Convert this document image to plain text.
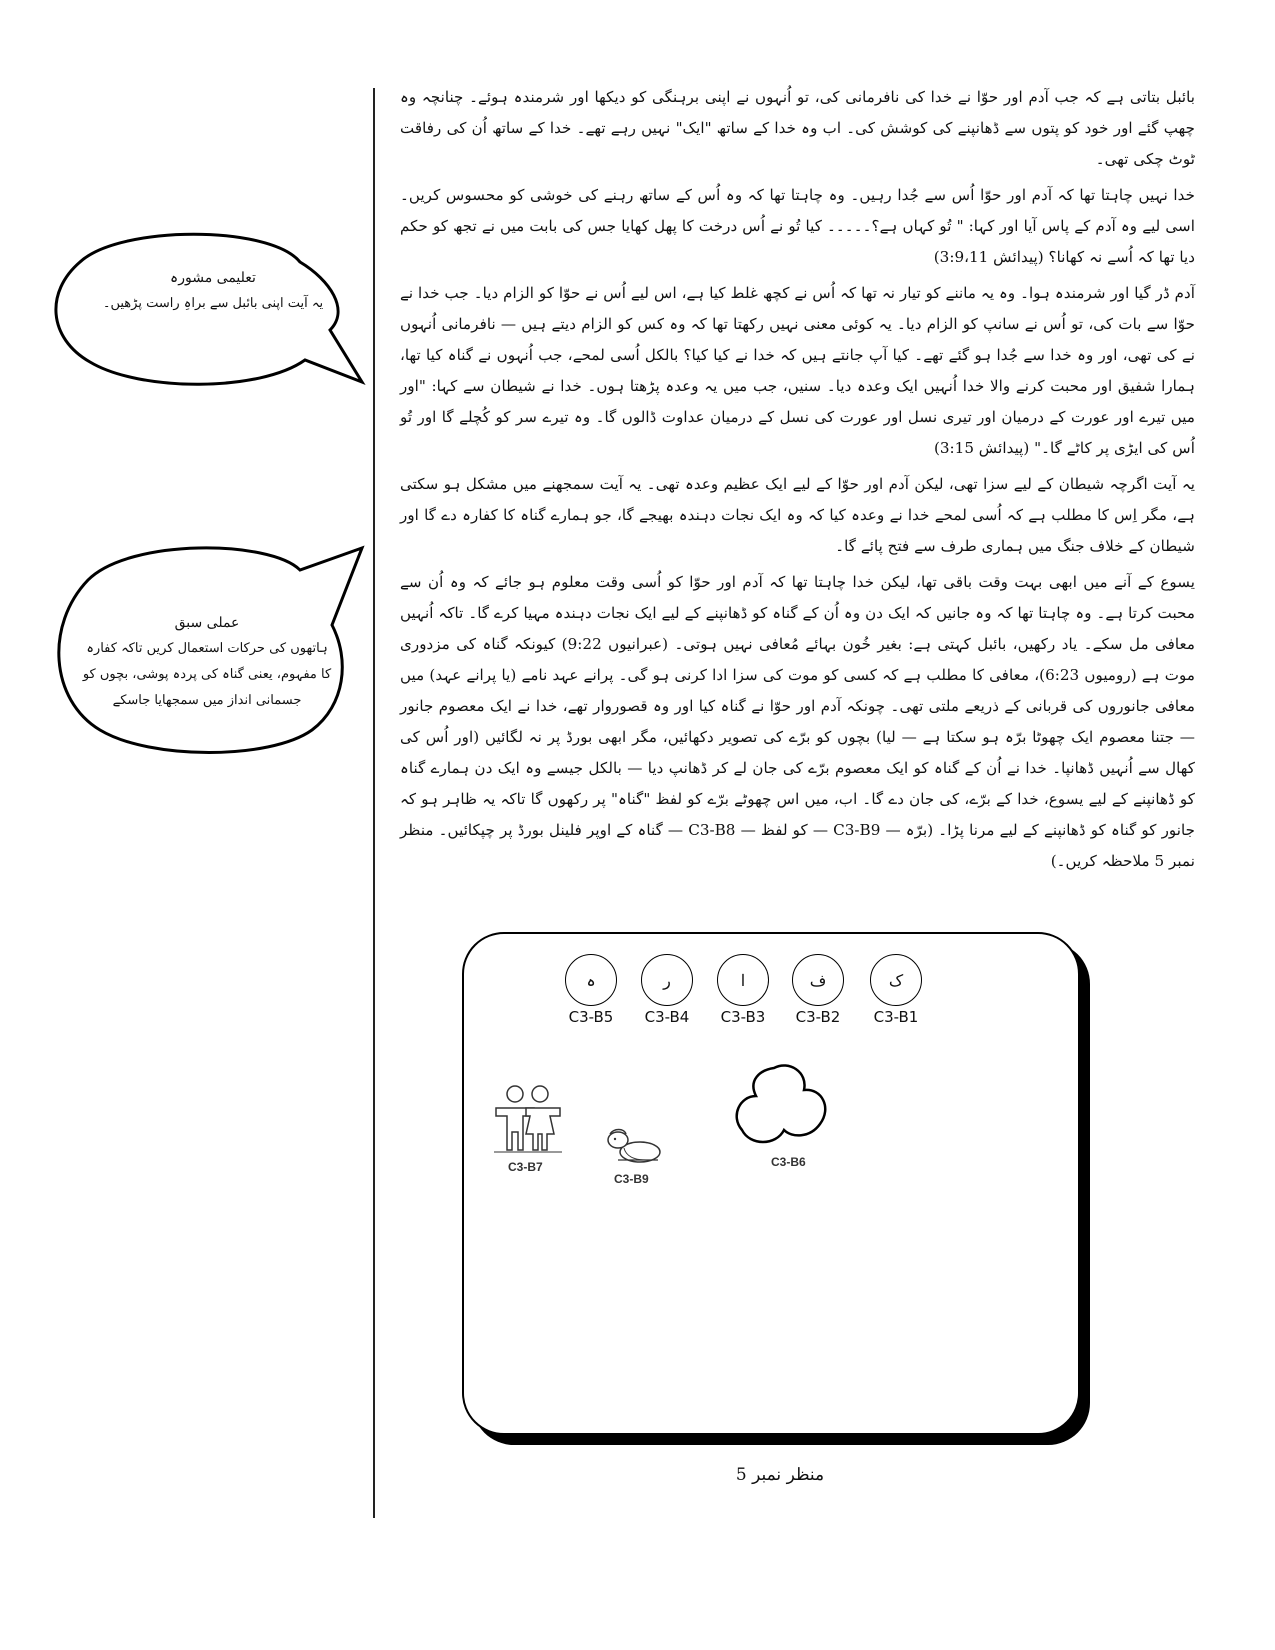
تعلیمی مشورہ
یہ آیت اپنی بائبل سے براہِ راست پڑھیں۔
عملی سبق
ہاتھوں کی حرکات استعمال کریں تاکہ کفارہ کا مفہوم، یعنی گناہ کی پردہ پوشی، بچوں کو جسمانی انداز میں سمجھایا جاسکے

بائبل بتاتی ہے کہ جب آدم اور حوّا نے خدا کی نافرمانی کی، تو اُنہوں نے اپنی برہنگی کو دیکھا اور شرمندہ ہوئے۔ چنانچہ وہ چھپ گئے اور خود کو پتوں سے ڈھانپنے کی کوشش کی۔ اب وہ خدا کے ساتھ "ایک" نہیں رہے تھے۔ خدا کے ساتھ اُن کی رفاقت ٹوٹ چکی تھی۔

خدا نہیں چاہتا تھا کہ آدم اور حوّا اُس سے جُدا رہیں۔ وہ چاہتا تھا کہ وہ اُس کے ساتھ رہنے کی خوشی کو محسوس کریں۔ اسی لیے وہ آدم کے پاس آیا اور کہا: " تُو کہاں ہے؟۔۔۔۔۔ کیا تُو نے اُس درخت کا پھل کھایا جس کی بابت میں نے تجھ کو حکم دیا تھا کہ اُسے نہ کھانا؟ (پیدائش 3:9،11)

آدم ڈر گیا اور شرمندہ ہوا۔ وہ یہ ماننے کو تیار نہ تھا کہ اُس نے کچھ غلط کیا ہے، اس لیے اُس نے حوّا کو الزام دیا۔ جب خدا نے حوّا سے بات کی، تو اُس نے سانپ کو الزام دیا۔ یہ کوئی معنی نہیں رکھتا تھا کہ وہ کس کو الزام دیتے ہیں — نافرمانی اُنہوں نے کی تھی، اور وہ خدا سے جُدا ہو گئے تھے۔ کیا آپ جانتے ہیں کہ خدا نے کیا کیا؟ بالکل اُسی لمحے، جب اُنہوں نے گناہ کیا تھا، ہمارا شفیق اور محبت کرنے والا خدا اُنہیں ایک وعدہ دیا۔ سنیں، جب میں یہ وعدہ پڑھتا ہوں۔ خدا نے شیطان سے کہا: "اور میں تیرے اور عورت کے درمیان اور تیری نسل اور عورت کی نسل کے درمیان عداوت ڈالوں گا۔ وہ تیرے سر کو کُچلے گا اور تُو اُس کی ایڑی پر کاٹے گا۔" (پیدائش 3:15)

یہ آیت اگرچہ شیطان کے لیے سزا تھی، لیکن آدم اور حوّا کے لیے ایک عظیم وعدہ تھی۔ یہ آیت سمجھنے میں مشکل ہو سکتی ہے، مگر اِس کا مطلب ہے کہ اُسی لمحے خدا نے وعدہ کیا کہ وہ ایک نجات دہندہ بھیجے گا، جو ہمارے گناہ کا کفارہ دے گا اور شیطان کے خلاف جنگ میں ہماری طرف سے فتح پائے گا۔

یسوع کے آنے میں ابھی بہت وقت باقی تھا، لیکن خدا چاہتا تھا کہ آدم اور حوّا کو اُسی وقت معلوم ہو جائے کہ وہ اُن سے محبت کرتا ہے۔ وہ چاہتا تھا کہ وہ جانیں کہ ایک دن وہ اُن کے گناہ کو ڈھانپنے کے لیے ایک نجات دہندہ مہیا کرے گا۔ تاکہ اُنہیں معافی مل سکے۔ یاد رکھیں، بائبل کہتی ہے: بغیر خُون بہائے مُعافی نہیں ہوتی۔ (عبرانیوں 9:22) کیونکہ گناہ کی مزدوری موت ہے (رومیوں 6:23)، معافی کا مطلب ہے کہ کسی کو موت کی سزا ادا کرنی ہو گی۔ پرانے عہد نامے (یا پرانے عہد) میں معافی جانوروں کی قربانی کے ذریعے ملتی تھی۔ چونکہ آدم اور حوّا نے گناہ کیا اور وہ قصوروار تھے، خدا نے ایک معصوم جانور — جتنا معصوم ایک چھوٹا برّہ ہو سکتا ہے — لیا) بچوں کو برّے کی تصویر دکھائیں، مگر ابھی بورڈ پر نہ لگائیں (اور اُس کی کھال سے اُنہیں ڈھانپا۔ خدا نے اُن کے گناہ کو ایک معصوم برّے کی جان لے کر ڈھانپ دیا — بالکل جیسے وہ ایک دن ہمارے گناہ کو ڈھانپنے کے لیے یسوع، خدا کے برّے، کی جان دے گا۔ اب، میں اس چھوٹے برّے کو لفظ "گناہ" پر رکھوں گا تاکہ یہ ظاہر ہو کہ جانور کو گناہ کو ڈھانپنے کے لیے مرنا پڑا۔ (برّہ — C3-B9 — کو لفظ — C3-B8 — گناہ کے اوپر فلینل بورڈ پر چپکائیں۔ منظر نمبر 5 ملاحظہ کریں۔)

ک
C3-B1
ف
C3-B2
ا
C3-B3
ر
C3-B4
ہ
C3-B5
C3-B7
C3-B9
C3-B6
منظر نمبر 5
